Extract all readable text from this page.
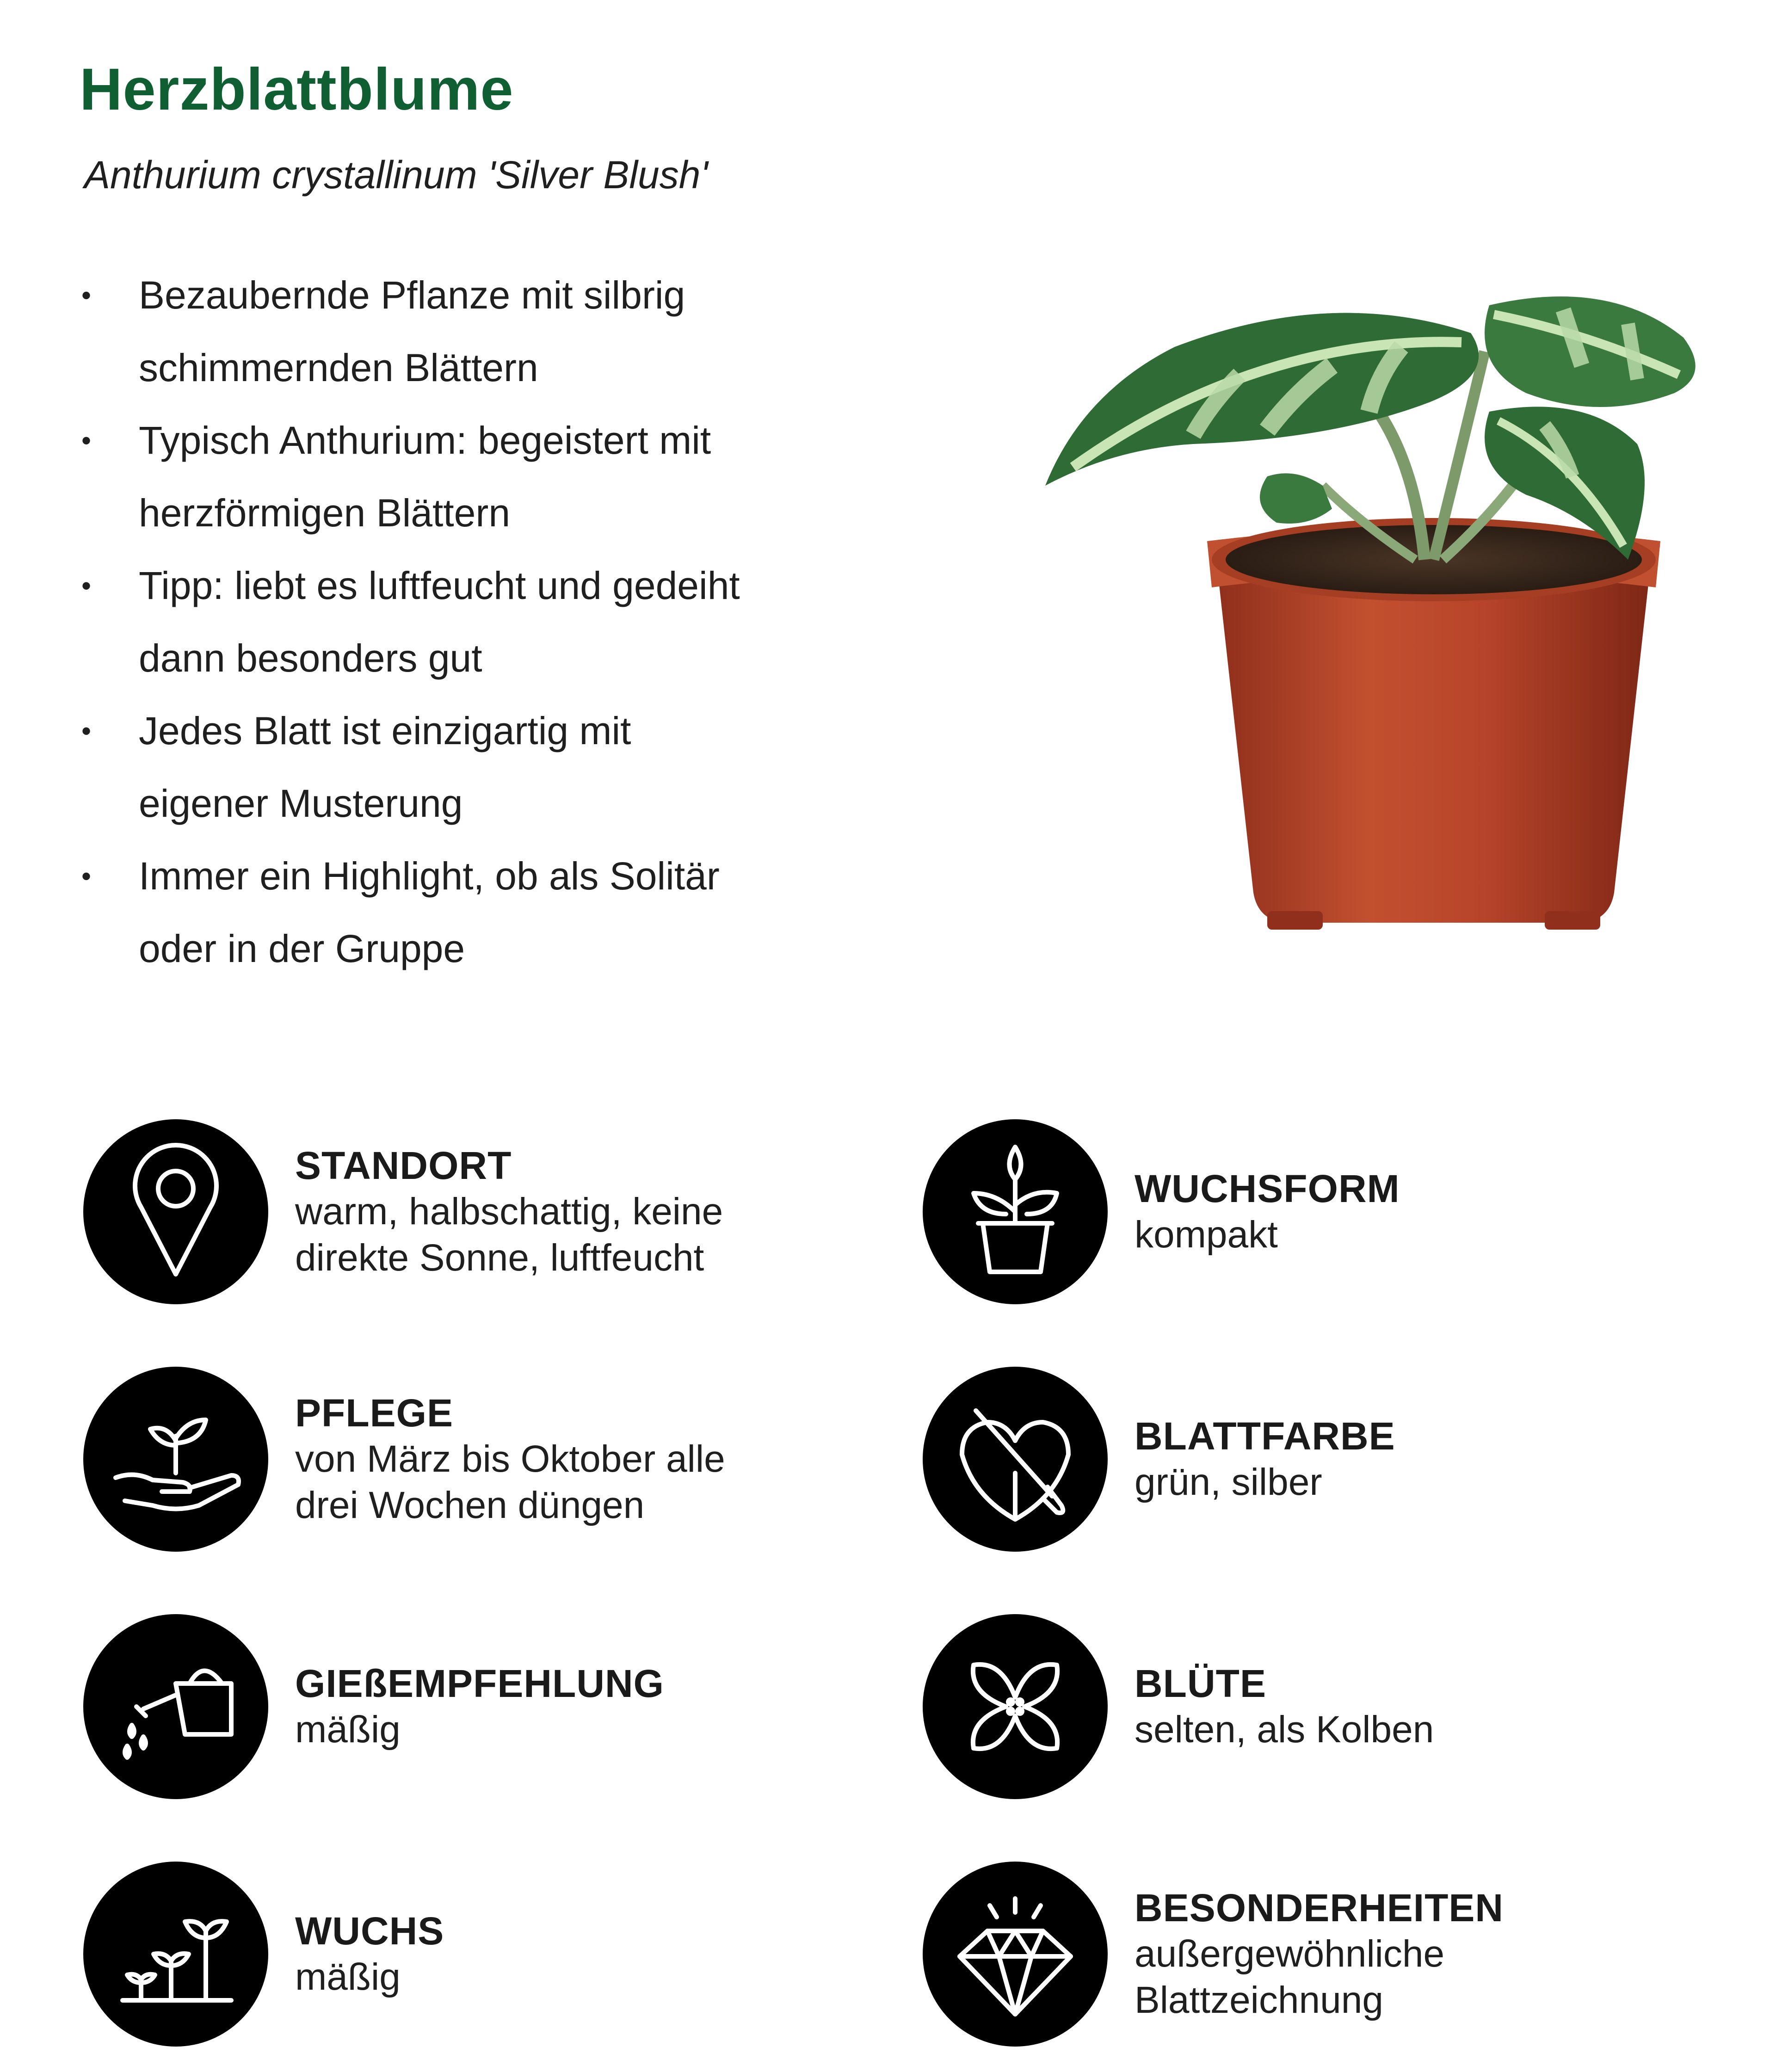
Herzblattblume

Anthurium crystallinum 'Silver Blush'

• Bezaubernde Pflanze mit silbrig
schimmernden Blättern
• Typisch Anthurium: begeistert mit
herzförmigen Blättern
• Tipp: liebt es luftfeucht und gedeiht
dann besonders gut
• Jedes Blatt ist einzigartig mit
eigener Musterung
• Immer ein Highlight, ob als Solitär
oder in der Gruppe
STANDORT
warm, halbschattig, keine
direkte Sonne, luftfeucht
WUCHSFORM
kompakt
PFLEGE
von März bis Oktober alle
drei Wochen düngen
BLATTFARBE
grün, silber
GIEßEMPFEHLUNG
mäßig
BLÜTE
selten, als Kolben
WUCHS
mäßig
BESONDERHEITEN
außergewöhnliche
Blattzeichnung
